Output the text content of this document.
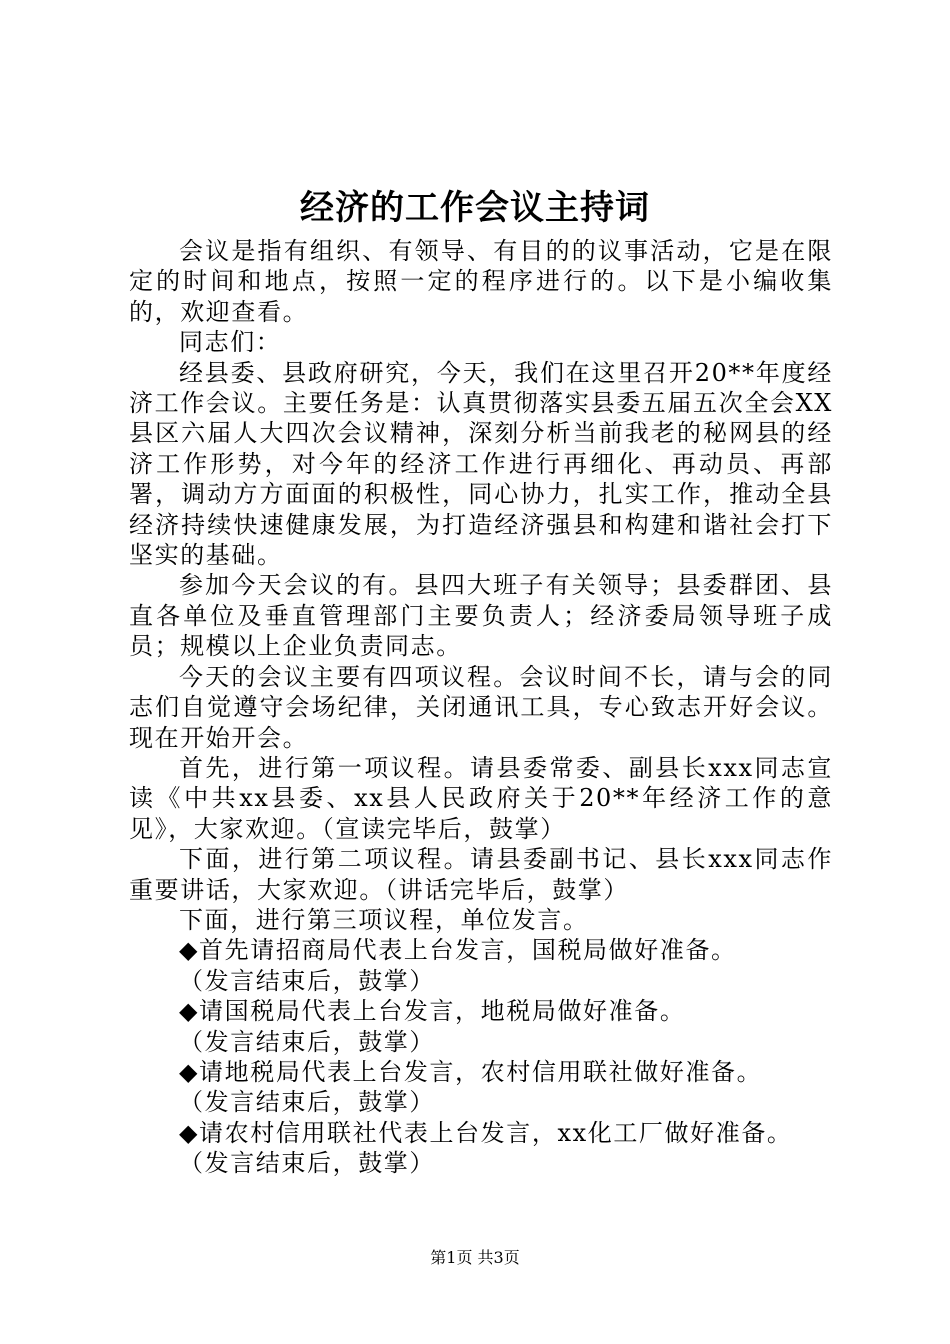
经济的工作会议主持词

会议是指有组织、有领导、有目的的议事活动，它是在限定的时间和地点，按照一定的程序进行的。以下是小编收集的，欢迎查看。

同志们：

经县委、县政府研究，今天，我们在这里召开20**年度经济工作会议。主要任务是：认真贯彻落实县委五届五次全会XX县区六届人大四次会议精神，深刻分析当前我老的秘网县的经济工作形势，对今年的经济工作进行再细化、再动员、再部署，调动方方面面的积极性，同心协力，扎实工作，推动全县经济持续快速健康发展，为打造经济强县和构建和谐社会打下坚实的基础。

参加今天会议的有。县四大班子有关领导；县委群团、县直各单位及垂直管理部门主要负责人；经济委局领导班子成员；规模以上企业负责同志。

今天的会议主要有四项议程。会议时间不长，请与会的同志们自觉遵守会场纪律，关闭通讯工具，专心致志开好会议。现在开始开会。

首先，进行第一项议程。请县委常委、副县长xxx同志宣读《中共xx县委、xx县人民政府关于20**年经济工作的意见》，大家欢迎。（宣读完毕后，鼓掌）

下面，进行第二项议程。请县委副书记、县长xxx同志作重要讲话，大家欢迎。（讲话完毕后，鼓掌）

下面，进行第三项议程，单位发言。

◆首先请招商局代表上台发言，国税局做好准备。
（发言结束后，鼓掌）
◆请国税局代表上台发言，地税局做好准备。
（发言结束后，鼓掌）
◆请地税局代表上台发言，农村信用联社做好准备。
（发言结束后，鼓掌）
◆请农村信用联社代表上台发言，xx化工厂做好准备。
（发言结束后，鼓掌）
第1页 共3页
